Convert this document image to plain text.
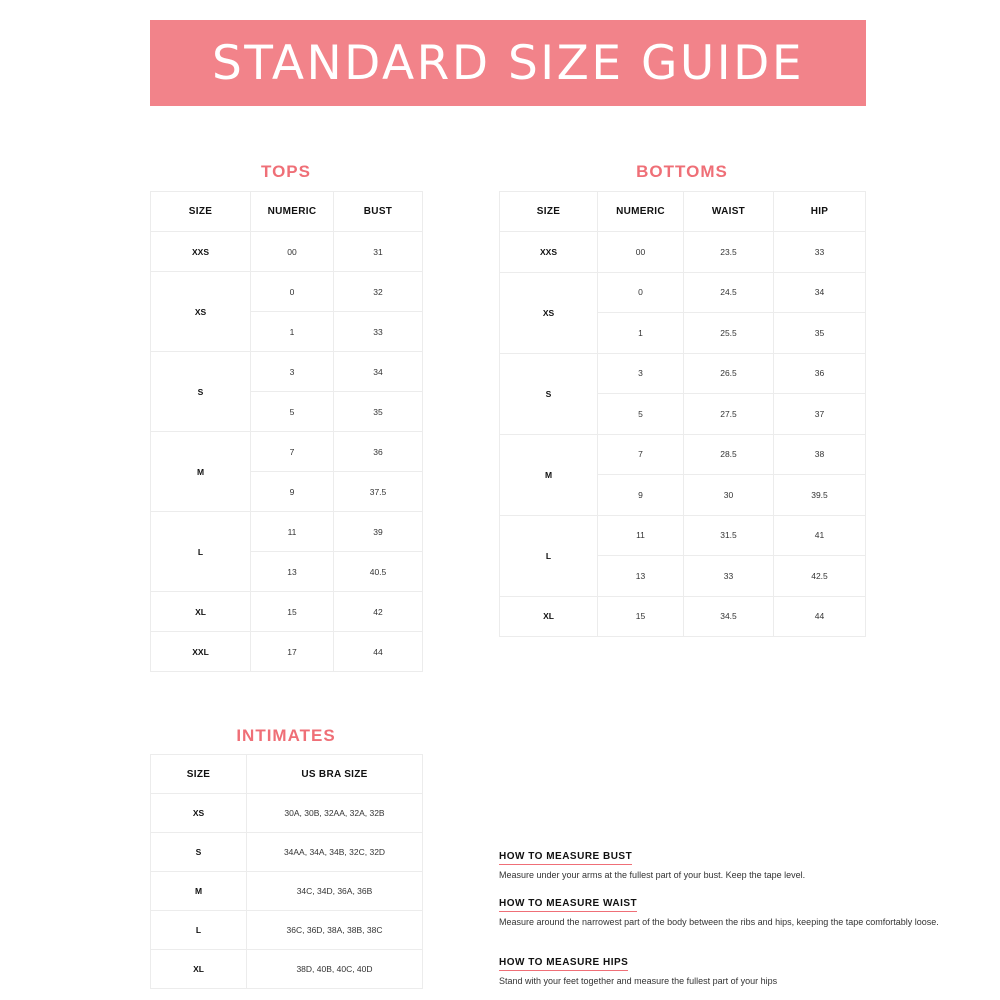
STANDARD SIZE GUIDE
TOPS
SIZE	NUMERIC	BUST
XXS	00	31
XS	0	32
	1	33
S	3	34
	5	35
M	7	36
	9	37.5
L	11	39
	13	40.5
XL	15	42
XXL	17	44
BOTTOMS
SIZE	NUMERIC	WAIST	HIP
XXS	00	23.5	33
XS	0	24.5	34
	1	25.5	35
S	3	26.5	36
	5	27.5	37
M	7	28.5	38
	9	30	39.5
L	11	31.5	41
	13	33	42.5
XL	15	34.5	44
INTIMATES
SIZE	US BRA SIZE
XS	30A, 30B, 32AA, 32A, 32B
S	34AA, 34A, 34B, 32C, 32D
M	34C, 34D, 36A, 36B
L	36C, 36D, 38A, 38B, 38C
XL	38D, 40B, 40C, 40D

HOW TO MEASURE BUST

Measure under your arms at the fullest part of your bust. Keep the tape level.

HOW TO MEASURE WAIST

Measure around the narrowest part of the body between the ribs and hips, keeping the tape comfortably loose.

HOW TO MEASURE HIPS

Stand with your feet together and measure the fullest part of your hips
